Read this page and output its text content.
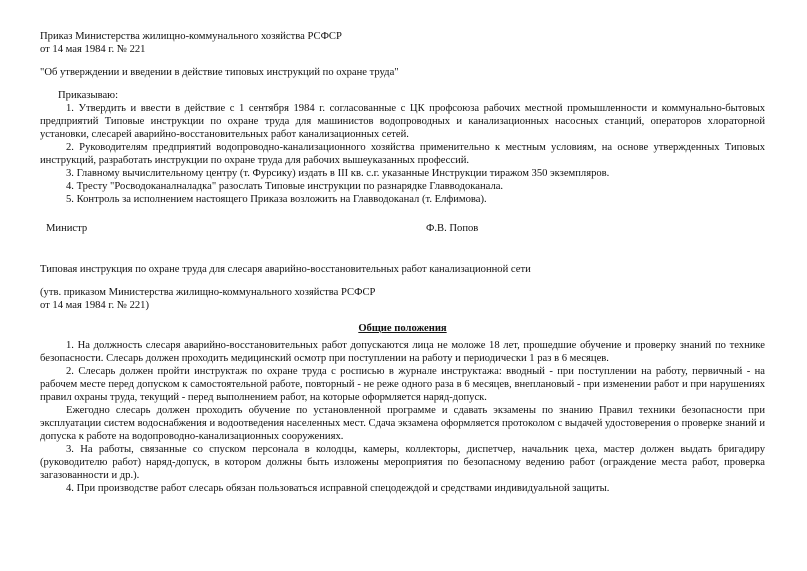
Приказ Министерства жилищно-коммунального хозяйства РСФСР

от 14 мая 1984 г. № 221

"Об утверждении и введении в действие типовых инструкций по охране труда"

Приказываю:

1. Утвердить и ввести в действие с 1 сентября 1984 г. согласованные с ЦК профсоюза рабочих местной промышленности и коммунально-бытовых предприятий Типовые инструкции по охране труда для машинистов водопроводных и канализационных насосных станций, операторов хлораторной установки, слесарей аварийно-восстановительных работ канализационных сетей.

2. Руководителям предприятий водопроводно-канализационного хозяйства применительно к местным условиям, на основе утвержденных Типовых инструкций, разработать инструкции по охране труда для рабочих вышеуказанных профессий.

3. Главному вычислительному центру (т. Фурсику) издать в III кв. с.г. указанные Инструкции тиражом 350 экземпляров.

4. Тресту "Росводоканалналадка" разослать Типовые инструкции по разнарядке Главводоканала.

5. Контроль за исполнением настоящего Приказа возложить на Главводоканал (т. Елфимова).

Министр	Ф.В. Попов

Типовая инструкция по охране труда для слесаря аварийно-восстановительных работ канализационной сети

(утв. приказом Министерства жилищно-коммунального хозяйства РСФСР

от 14 мая 1984 г. № 221)

Общие положения

1. На должность слесаря аварийно-восстановительных работ допускаются лица не моложе 18 лет, прошедшие обучение и проверку знаний по технике безопасности. Слесарь должен проходить медицинский осмотр при поступлении на работу и периодически 1 раз в 6 месяцев.

2. Слесарь должен пройти инструктаж по охране труда с росписью в журнале инструктажа: вводный - при поступлении на работу, первичный - на рабочем месте перед допуском к самостоятельной работе, повторный - не реже одного раза в 6 месяцев, внеплановый - при изменении работ и при нарушениях правил охраны труда, текущий - перед выполнением работ, на которые оформляется наряд-допуск.

Ежегодно слесарь должен проходить обучение по установленной программе и сдавать экзамены по знанию Правил техники безопасности при эксплуатации систем водоснабжения и водоотведения населенных мест. Сдача экзамена оформляется протоколом с выдачей удостоверения о проверке знаний и допуска к работе на водопроводно-канализационных сооружениях.

3. На работы, связанные со спуском персонала в колодцы, камеры, коллекторы, диспетчер, начальник цеха, мастер должен выдать бригадиру (руководителю работ) наряд-допуск, в котором должны быть изложены мероприятия по безопасному ведению работ (ограждение места работ, проверка загазованности и др.).

4. При производстве работ слесарь обязан пользоваться исправной спецодеждой и средствами индивидуальной защиты.
